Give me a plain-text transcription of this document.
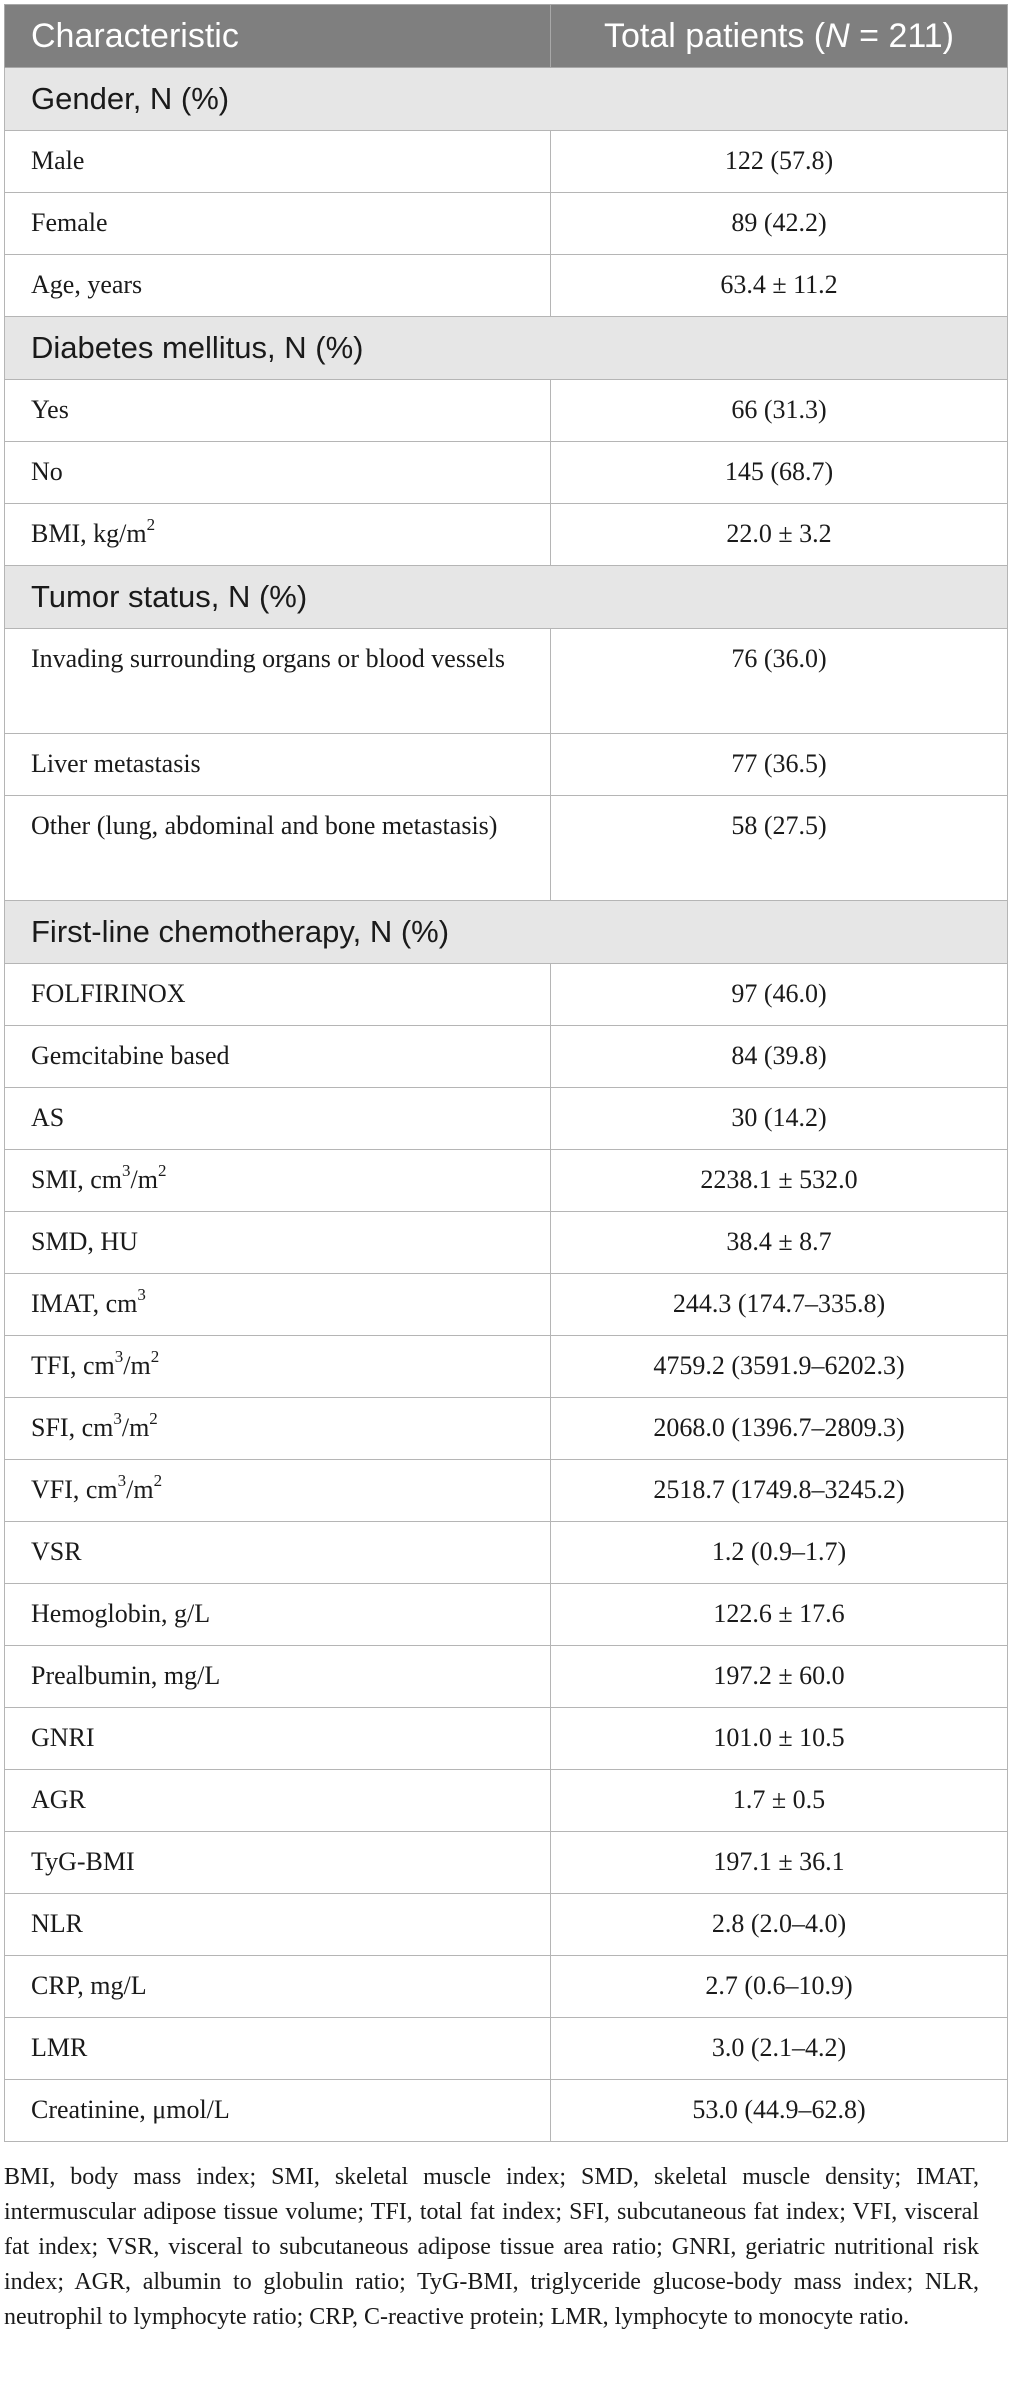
Characteristic	Total patients (N = 211)
Gender, N (%)	
Male	122 (57.8)
Female	89 (42.2)
Age, years	63.4 ± 11.2
Diabetes mellitus, N (%)	
Yes	66 (31.3)
No	145 (68.7)
BMI, $kg/m^2$	22.0 ± 3.2
Tumor status, N (%)	
Invading surrounding organs or blood vessels	76 (36.0)
Liver metastasis	77 (36.5)
Other (lung, abdominal and bone metastasis)	58 (27.5)
First-line chemotherapy, N (%)	
FOLFIRINOX	97 (46.0)
Gemcitabine based	84 (39.8)
AS	30 (14.2)
SMI, $cm^3/m^2$	2238.1 ± 532.0
SMD, HU	38.4 ± 8.7
IMAT, $cm^3$	244.3 (174.7–335.8)
TFI, $cm^3/m^2$	4759.2 (3591.9–6202.3)
SFI, $cm^3/m^2$	2068.0 (1396.7–2809.3)
VFI, $cm^3/m^2$	2518.7 (1749.8–3245.2)
VSR	1.2 (0.9–1.7)
Hemoglobin, g/L	122.6 ± 17.6
Prealbumin, mg/L	197.2 ± 60.0
GNRI	101.0 ± 10.5
AGR	1.7 ± 0.5
TyG-BMI	197.1 ± 36.1
NLR	2.8 (2.0–4.0)
CRP, mg/L	2.7 (0.6–10.9)
LMR	3.0 (2.1–4.2)
Creatinine, μmol/L	53.0 (44.9–62.8)
BMI, body mass index; SMI, skeletal muscle index; SMD, skeletal muscle density; IMAT, intermuscular adipose tissue volume; TFI, total fat index; SFI, subcutaneous fat index; VFI, visceral fat index; VSR, visceral to subcutaneous adipose tissue area ratio; GNRI, geriatric nutritional risk index; AGR, albumin to globulin ratio; TyG-BMI, triglyceride glucose-body mass index; NLR, neutrophil to lymphocyte ratio; CRP, C-reactive protein; LMR, lymphocyte to monocyte ratio.
